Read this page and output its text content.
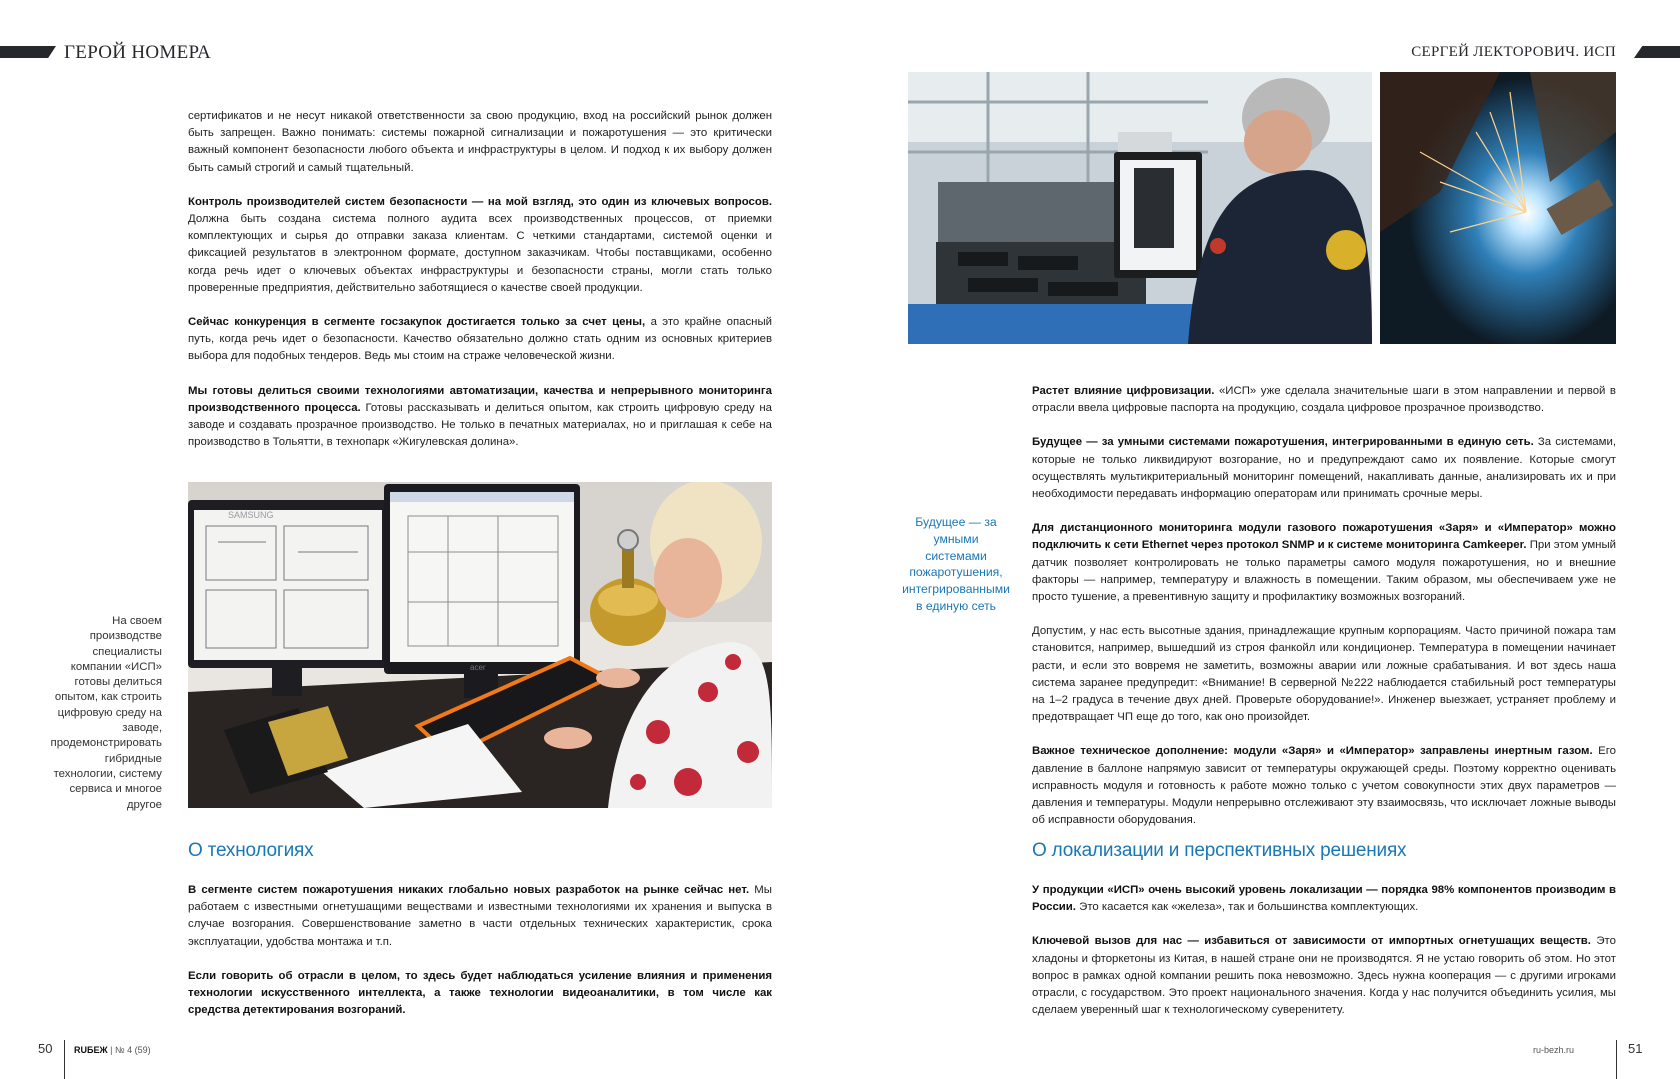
ГЕРОЙ НОМЕРА	СЕРГЕЙ ЛЕКТОРОВИЧ. ИСП

сертификатов и не несут никакой ответственности за свою продукцию, вход на российский рынок должен быть запрещен. Важно понимать: системы пожарной сигнализации и пожаротушения — это критически важный компонент безопасности любого объекта и инфраструктуры в целом. И подход к их выбору должен быть самый строгий и самый тщательный.

Контроль производителей систем безопасности — на мой взгляд, это один из ключевых вопросов. Должна быть создана система полного аудита всех производственных процессов, от приемки комплектующих и сырья до отправки заказа клиентам. С четкими стандартами, системой оценки и фиксацией результатов в электронном формате, доступном заказчикам. Чтобы поставщиками, особенно когда речь идет о ключевых объектах инфраструктуры и безопасности страны, могли стать только проверенные предприятия, действительно заботящиеся о качестве своей продукции.

Сейчас конкуренция в сегменте госзакупок достигается только за счет цены, а это крайне опасный путь, когда речь идет о безопасности. Качество обязательно должно стать одним из основных критериев выбора для подобных тендеров. Ведь мы стоим на страже человеческой жизни.

Мы готовы делиться своими технологиями автоматизации, качества и непрерывного мониторинга производственного процесса. Готовы рассказывать и делиться опытом, как строить цифровую среду на заводе и создавать прозрачное производство. Не только в печатных материалах, но и приглашая к себе на производство в Тольятти, в технопарк «Жигулевская долина».

SAMSUNG
acer
На своем производстве специалисты компании «ИСП» готовы делиться опытом, как строить цифровую среду на заводе, продемонстрировать гибридные технологии, систему сервиса и многое другое
О технологиях

В сегменте систем пожаротушения никаких глобально новых разработок на рынке сейчас нет. Мы работаем с известными огнетушащими веществами и известными технологиями их хранения и выпуска в случае возгорания. Совершенствование заметно в части отдельных технических характеристик, срока эксплуатации, удобства монтажа и т.п.

Если говорить об отрасли в целом, то здесь будет наблюдаться усиление влияния и применения технологии искусственного интеллекта, а также технологии видеоаналитики, в том числе как средства детектирования возгораний.

Будущее — за умными системами пожаротушения, интегрированными в единую сеть

Растет влияние цифровизации. «ИСП» уже сделала значительные шаги в этом направлении и первой в отрасли ввела цифровые паспорта на продукцию, создала цифровое прозрачное производство.

Будущее — за умными системами пожаротушения, интегрированными в единую сеть. За системами, которые не только ликвидируют возгорание, но и предупреждают само их появление. Которые смогут осуществлять мультикритериальный мониторинг помещений, накапливать данные, анализировать их и при необходимости передавать информацию операторам или принимать срочные меры.

Для дистанционного мониторинга модули газового пожаротушения «Заря» и «Император» можно подключить к сети Ethernet через протокол SNMP и к системе мониторинга Camkeeper. При этом умный датчик позволяет контролировать не только параметры самого модуля пожаротушения, но и внешние факторы — например, температуру и влажность в помещении. Таким образом, мы обеспечиваем уже не просто тушение, а превентивную защиту и профилактику возможных возгораний.

Допустим, у нас есть высотные здания, принадлежащие крупным корпорациям. Часто причиной пожара там становится, например, вышедший из строя фанкойл или кондиционер. Температура в помещении начинает расти, и если это вовремя не заметить, возможны аварии или ложные срабатывания. И вот здесь наша система заранее предупредит: «Внимание! В серверной №222 наблюдается стабильный рост температуры на 1–2 градуса в течение двух дней. Проверьте оборудование!». Инженер выезжает, устраняет проблему и предотвращает ЧП еще до того, как оно произойдет.

Важное техническое дополнение: модули «Заря» и «Император» заправлены инертным газом. Его давление в баллоне напрямую зависит от температуры окружающей среды. Поэтому корректно оценивать исправность модуля и готовность к работе можно только с учетом совокупности этих двух параметров — давления и температуры. Модули непрерывно отслеживают эту взаимосвязь, что исключает ложные выводы об исправности оборудования.

О локализации и перспективных решениях

У продукции «ИСП» очень высокий уровень локализации — порядка 98% компонентов производим в России. Это касается как «железа», так и большинства комплектующих.

Ключевой вызов для нас — избавиться от зависимости от импортных огнетушащих веществ. Это хладоны и фторкетоны из Китая, в нашей стране они не производятся. Я не устаю говорить об этом. Но этот вопрос в рамках одной компании решить пока невозможно. Здесь нужна кооперация — с другими игроками отрасли, с государством. Это проект национального значения. Когда у нас получится объединить усилия, мы сделаем уверенный шаг к технологическому суверенитету.

50 RUБЕЖ | № 4 (59)	ru-bezh.ru	51
